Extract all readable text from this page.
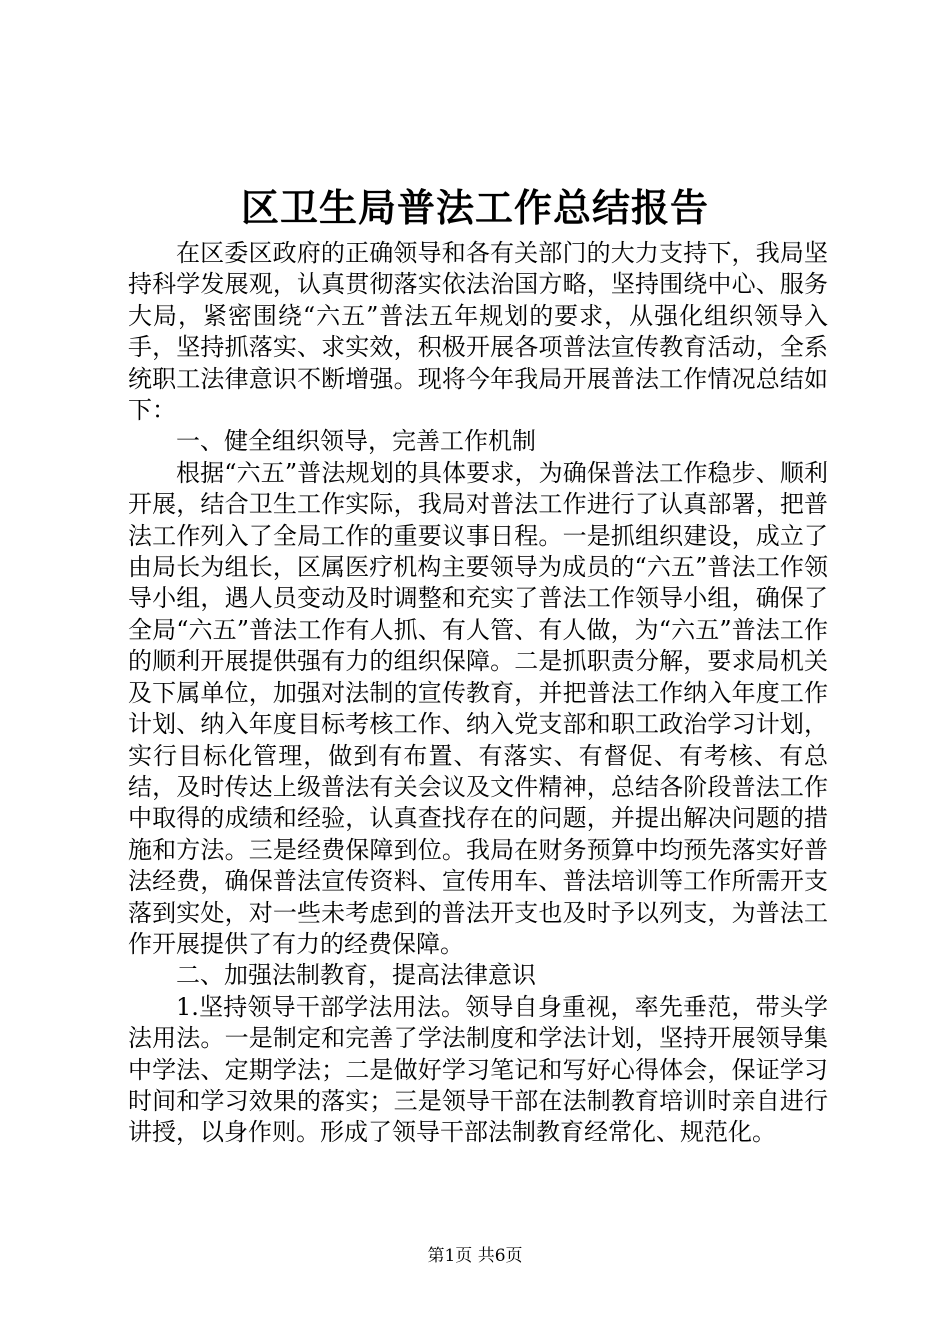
区卫生局普法工作总结报告

在区委区政府的正确领导和各有关部门的大力支持下，我局坚持科学发展观，认真贯彻落实依法治国方略，坚持围绕中心、服务大局，紧密围绕“六五”普法五年规划的要求，从强化组织领导入手，坚持抓落实、求实效，积极开展各项普法宣传教育活动，全系统职工法律意识不断增强。现将今年我局开展普法工作情况总结如下：

一、健全组织领导，完善工作机制

根据“六五”普法规划的具体要求，为确保普法工作稳步、顺利开展，结合卫生工作实际，我局对普法工作进行了认真部署，把普法工作列入了全局工作的重要议事日程。一是抓组织建设，成立了由局长为组长，区属医疗机构主要领导为成员的“六五”普法工作领导小组，遇人员变动及时调整和充实了普法工作领导小组，确保了全局“六五”普法工作有人抓、有人管、有人做，为“六五”普法工作的顺利开展提供强有力的组织保障。二是抓职责分解，要求局机关及下属单位，加强对法制的宣传教育，并把普法工作纳入年度工作计划、纳入年度目标考核工作、纳入党支部和职工政治学习计划，实行目标化管理，做到有布置、有落实、有督促、有考核、有总结，及时传达上级普法有关会议及文件精神，总结各阶段普法工作中取得的成绩和经验，认真查找存在的问题，并提出解决问题的措施和方法。三是经费保障到位。我局在财务预算中均预先落实好普法经费，确保普法宣传资料、宣传用车、普法培训等工作所需开支落到实处，对一些未考虑到的普法开支也及时予以列支，为普法工作开展提供了有力的经费保障。

二、加强法制教育，提高法律意识

1.坚持领导干部学法用法。领导自身重视，率先垂范，带头学法用法。一是制定和完善了学法制度和学法计划，坚持开展领导集中学法、定期学法；二是做好学习笔记和写好心得体会，保证学习时间和学习效果的落实；三是领导干部在法制教育培训时亲自进行讲授，以身作则。形成了领导干部法制教育经常化、规范化。

第1页 共6页
